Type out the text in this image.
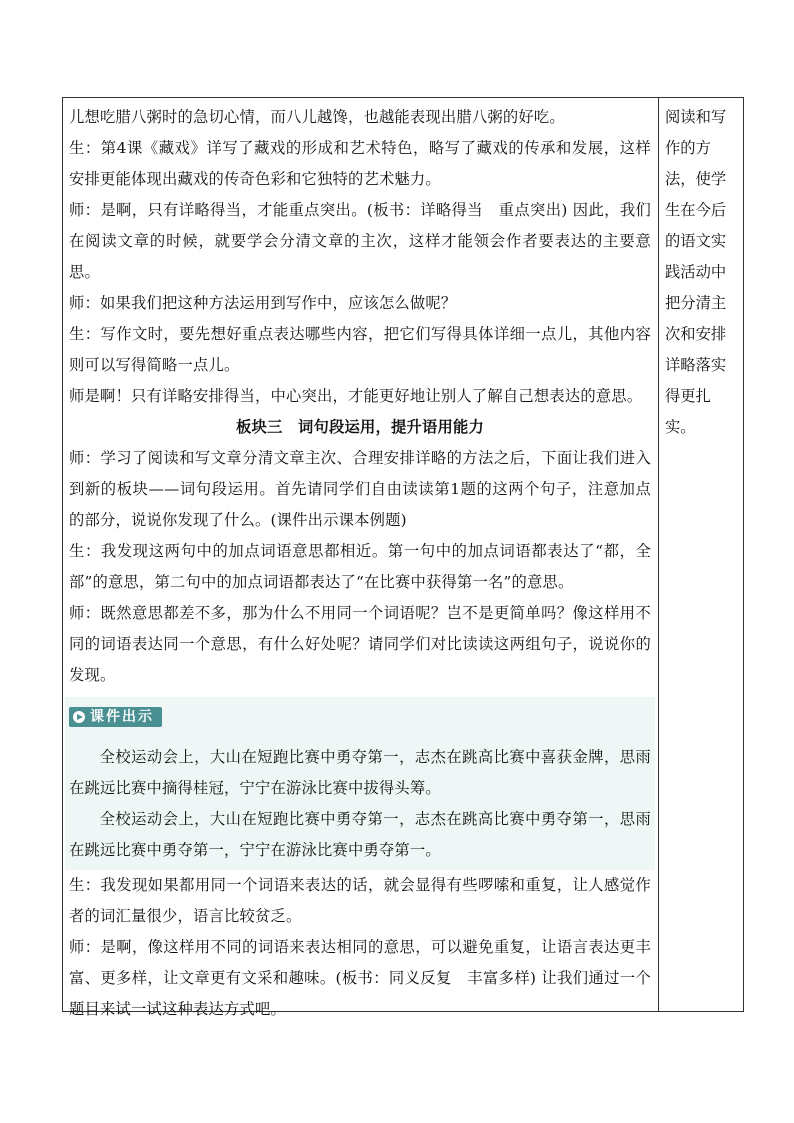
儿想吃腊八粥时的急切心情，而八儿越馋，也越能表现出腊八粥的好吃。

生：第4课《藏戏》详写了藏戏的形成和艺术特色，略写了藏戏的传承和发展，这样安排更能体现出藏戏的传奇色彩和它独特的艺术魅力。

师：是啊，只有详略得当，才能重点突出。(板书：详略得当　重点突出) 因此，我们在阅读文章的时候，就要学会分清文章的主次，这样才能领会作者要表达的主要意思。

师：如果我们把这种方法运用到写作中，应该怎么做呢？

生：写作文时，要先想好重点表达哪些内容，把它们写得具体详细一点儿，其他内容则可以写得简略一点儿。

师是啊！只有详略安排得当，中心突出，才能更好地让别人了解自己想表达的意思。

板块三　词句段运用，提升语用能力

师：学习了阅读和写文章分清文章主次、合理安排详略的方法之后，下面让我们进入到新的板块——词句段运用。首先请同学们自由读读第1题的这两个句子，注意加点的部分，说说你发现了什么。(课件出示课本例题)

生：我发现这两句中的加点词语意思都相近。第一句中的加点词语都表达了“都，全部”的意思，第二句中的加点词语都表达了“在比赛中获得第一名”的意思。

师：既然意思都差不多，那为什么不用同一个词语呢？岂不是更简单吗？像这样用不同的词语表达同一个意思，有什么好处呢？请同学们对比读读这两组句子，说说你的发现。

课件出示

全校运动会上，大山在短跑比赛中勇夺第一，志杰在跳高比赛中喜获金牌，思雨在跳远比赛中摘得桂冠，宁宁在游泳比赛中拔得头筹。

全校运动会上，大山在短跑比赛中勇夺第一，志杰在跳高比赛中勇夺第一，思雨在跳远比赛中勇夺第一，宁宁在游泳比赛中勇夺第一。

生：我发现如果都用同一个词语来表达的话，就会显得有些啰嗦和重复，让人感觉作者的词汇量很少，语言比较贫乏。

师：是啊，像这样用不同的词语来表达相同的意思，可以避免重复，让语言表达更丰富、更多样，让文章更有文采和趣味。(板书：同义反复　丰富多样) 让我们通过一个题目来试一试这种表达方式吧。

阅读和写作的方法，使学生在今后的语文实践活动中把分清主次和安排详略落实得更扎实。
